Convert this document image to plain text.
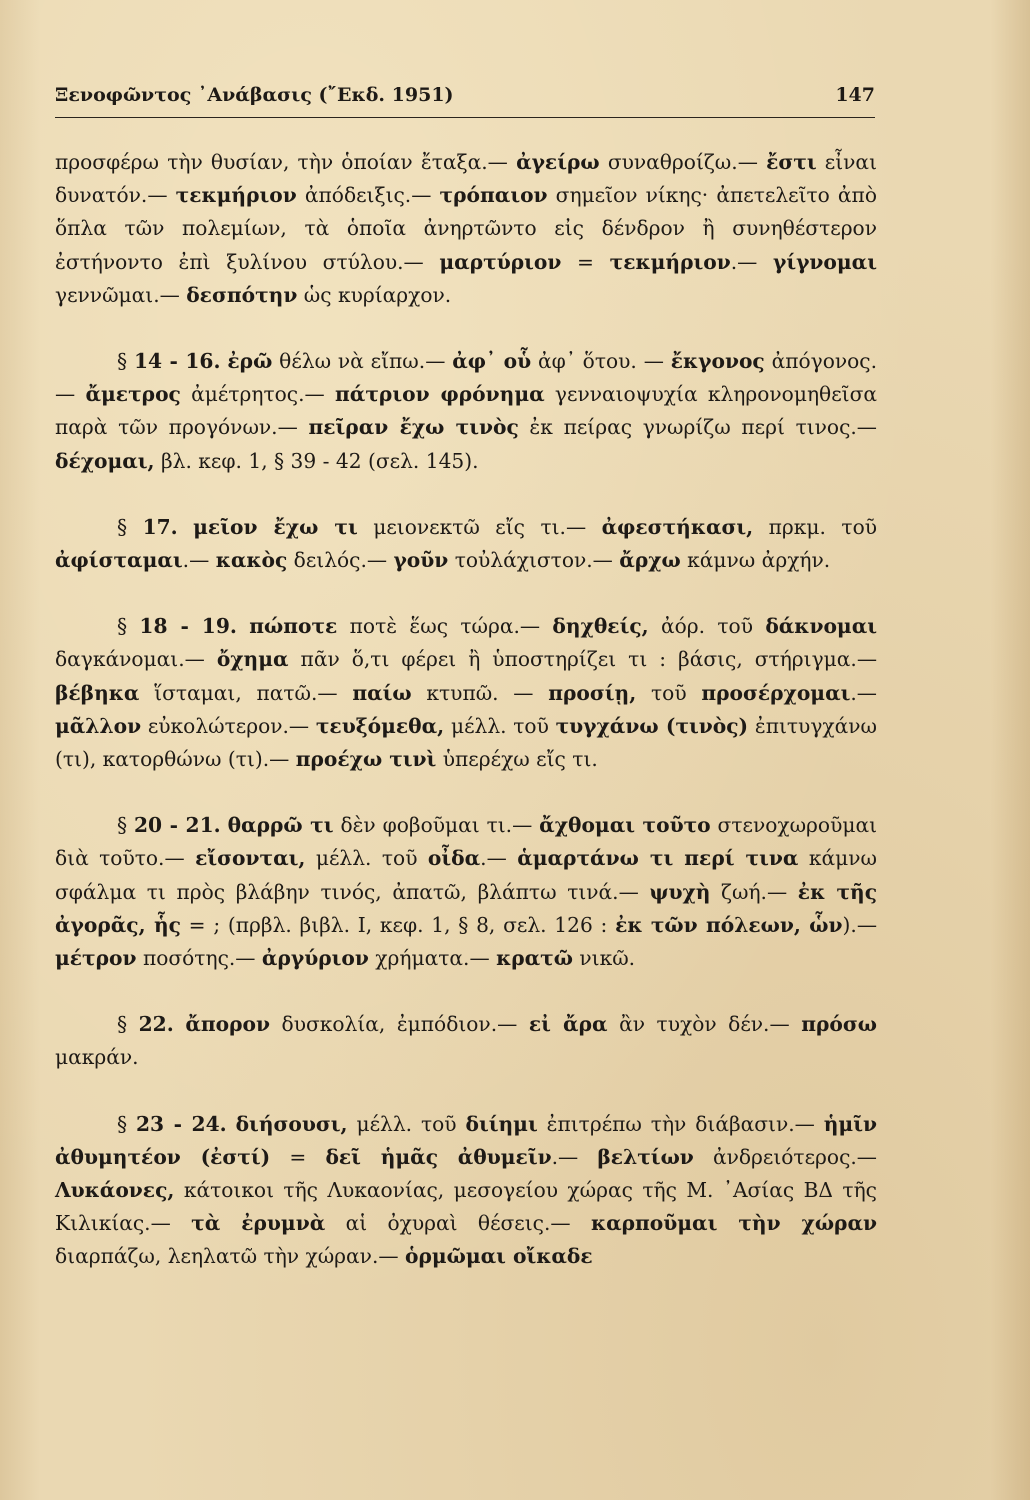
Ξενοφῶντος ᾿Ανάβασις (῎Εκδ. 1951)	147

προσφέρω τὴν θυσίαν, τὴν ὁποίαν ἔταξα.— ἀγείρω συναθροίζω.— ἔστι εἶναι δυνατόν.— τεκμήριον ἀπόδειξις.— τρόπαιον σημεῖον νίκης· ἀπετελεῖτο ἀπὸ ὅπλα τῶν πολεμίων, τὰ ὁποῖα ἀνηρτῶντο εἰς δένδρον ἢ συνηθέστερον ἐστήνοντο ἐπὶ ξυλίνου στύλου.— μαρτύριον = τεκμήριον.— γίγνομαι γεννῶμαι.— δεσπότην ὡς κυρίαρχον.

§ 14 - 16. ἐρῶ θέλω νὰ εἴπω.— ἀφ᾿ οὗ ἀφ᾿ ὅτου. — ἔκγονος ἀπόγονος.— ἄμετρος ἀμέτρητος.— πάτριον φρόνημα γενναιοψυχία κληρονομηθεῖσα παρὰ τῶν προγόνων.— πεῖραν ἔχω τινὸς ἐκ πείρας γνωρίζω περί τινος.— δέχομαι, βλ. κεφ. 1, § 39 - 42 (σελ. 145).

§ 17. μεῖον ἔχω τι μειονεκτῶ εἴς τι.— ἀφεστήκασι, πρκμ. τοῦ ἀφίσταμαι.— κακὸς δειλός.— γοῦν τοὐλάχιστον.— ἄρχω κάμνω ἀρχήν.

§ 18 - 19. πώποτε ποτὲ ἕως τώρα.— δηχθείς, ἀόρ. τοῦ δάκνομαι δαγκάνομαι.— ὄχημα πᾶν ὅ,τι φέρει ἢ ὑποστηρίζει τι : βάσις, στήριγμα.— βέβηκα ἵσταμαι, πατῶ.— παίω κτυπῶ. — προσίῃ, τοῦ προσέρχομαι.— μᾶλλον εὐκολώτερον.— τευξόμεθα, μέλλ. τοῦ τυγχάνω (τινὸς) ἐπιτυγχάνω (τι), κατορθώνω (τι).— προέχω τινὶ ὑπερέχω εἴς τι.

§ 20 - 21. θαρρῶ τι δὲν φοβοῦμαι τι.— ἄχθομαι τοῦτο στενοχωροῦμαι διὰ τοῦτο.— εἴσονται, μέλλ. τοῦ οἶδα.— ἁμαρτάνω τι περί τινα κάμνω σφάλμα τι πρὸς βλάβην τινός, ἀπατῶ, βλάπτω τινά.— ψυχὴ ζωή.— ἐκ τῆς ἀγορᾶς, ἧς = ; (πρβλ. βιβλ. Ι, κεφ. 1, § 8, σελ. 126 : ἐκ τῶν πόλεων, ὧν).— μέτρον ποσότης.— ἀργύριον χρήματα.— κρατῶ νικῶ.

§ 22. ἄπορον δυσκολία, ἐμπόδιον.— εἰ ἄρα ἂν τυχὸν δέν.— πρόσω μακράν.

§ 23 - 24. διήσουσι, μέλλ. τοῦ διίημι ἐπιτρέπω τὴν διάβασιν.— ἡμῖν ἀθυμητέον (ἐστί) = δεῖ ἡμᾶς ἀθυμεῖν.— βελτίων ἀνδρειότερος.— Λυκάονες, κάτοικοι τῆς Λυκαονίας, μεσογείου χώρας τῆς Μ. ᾿Ασίας ΒΔ τῆς Κιλικίας.— τὰ ἐρυμνὰ αἱ ὀχυραὶ θέσεις.— καρποῦμαι τὴν χώραν διαρπάζω, λεηλατῶ τὴν χώραν.— ὁρμῶμαι οἴκαδε
